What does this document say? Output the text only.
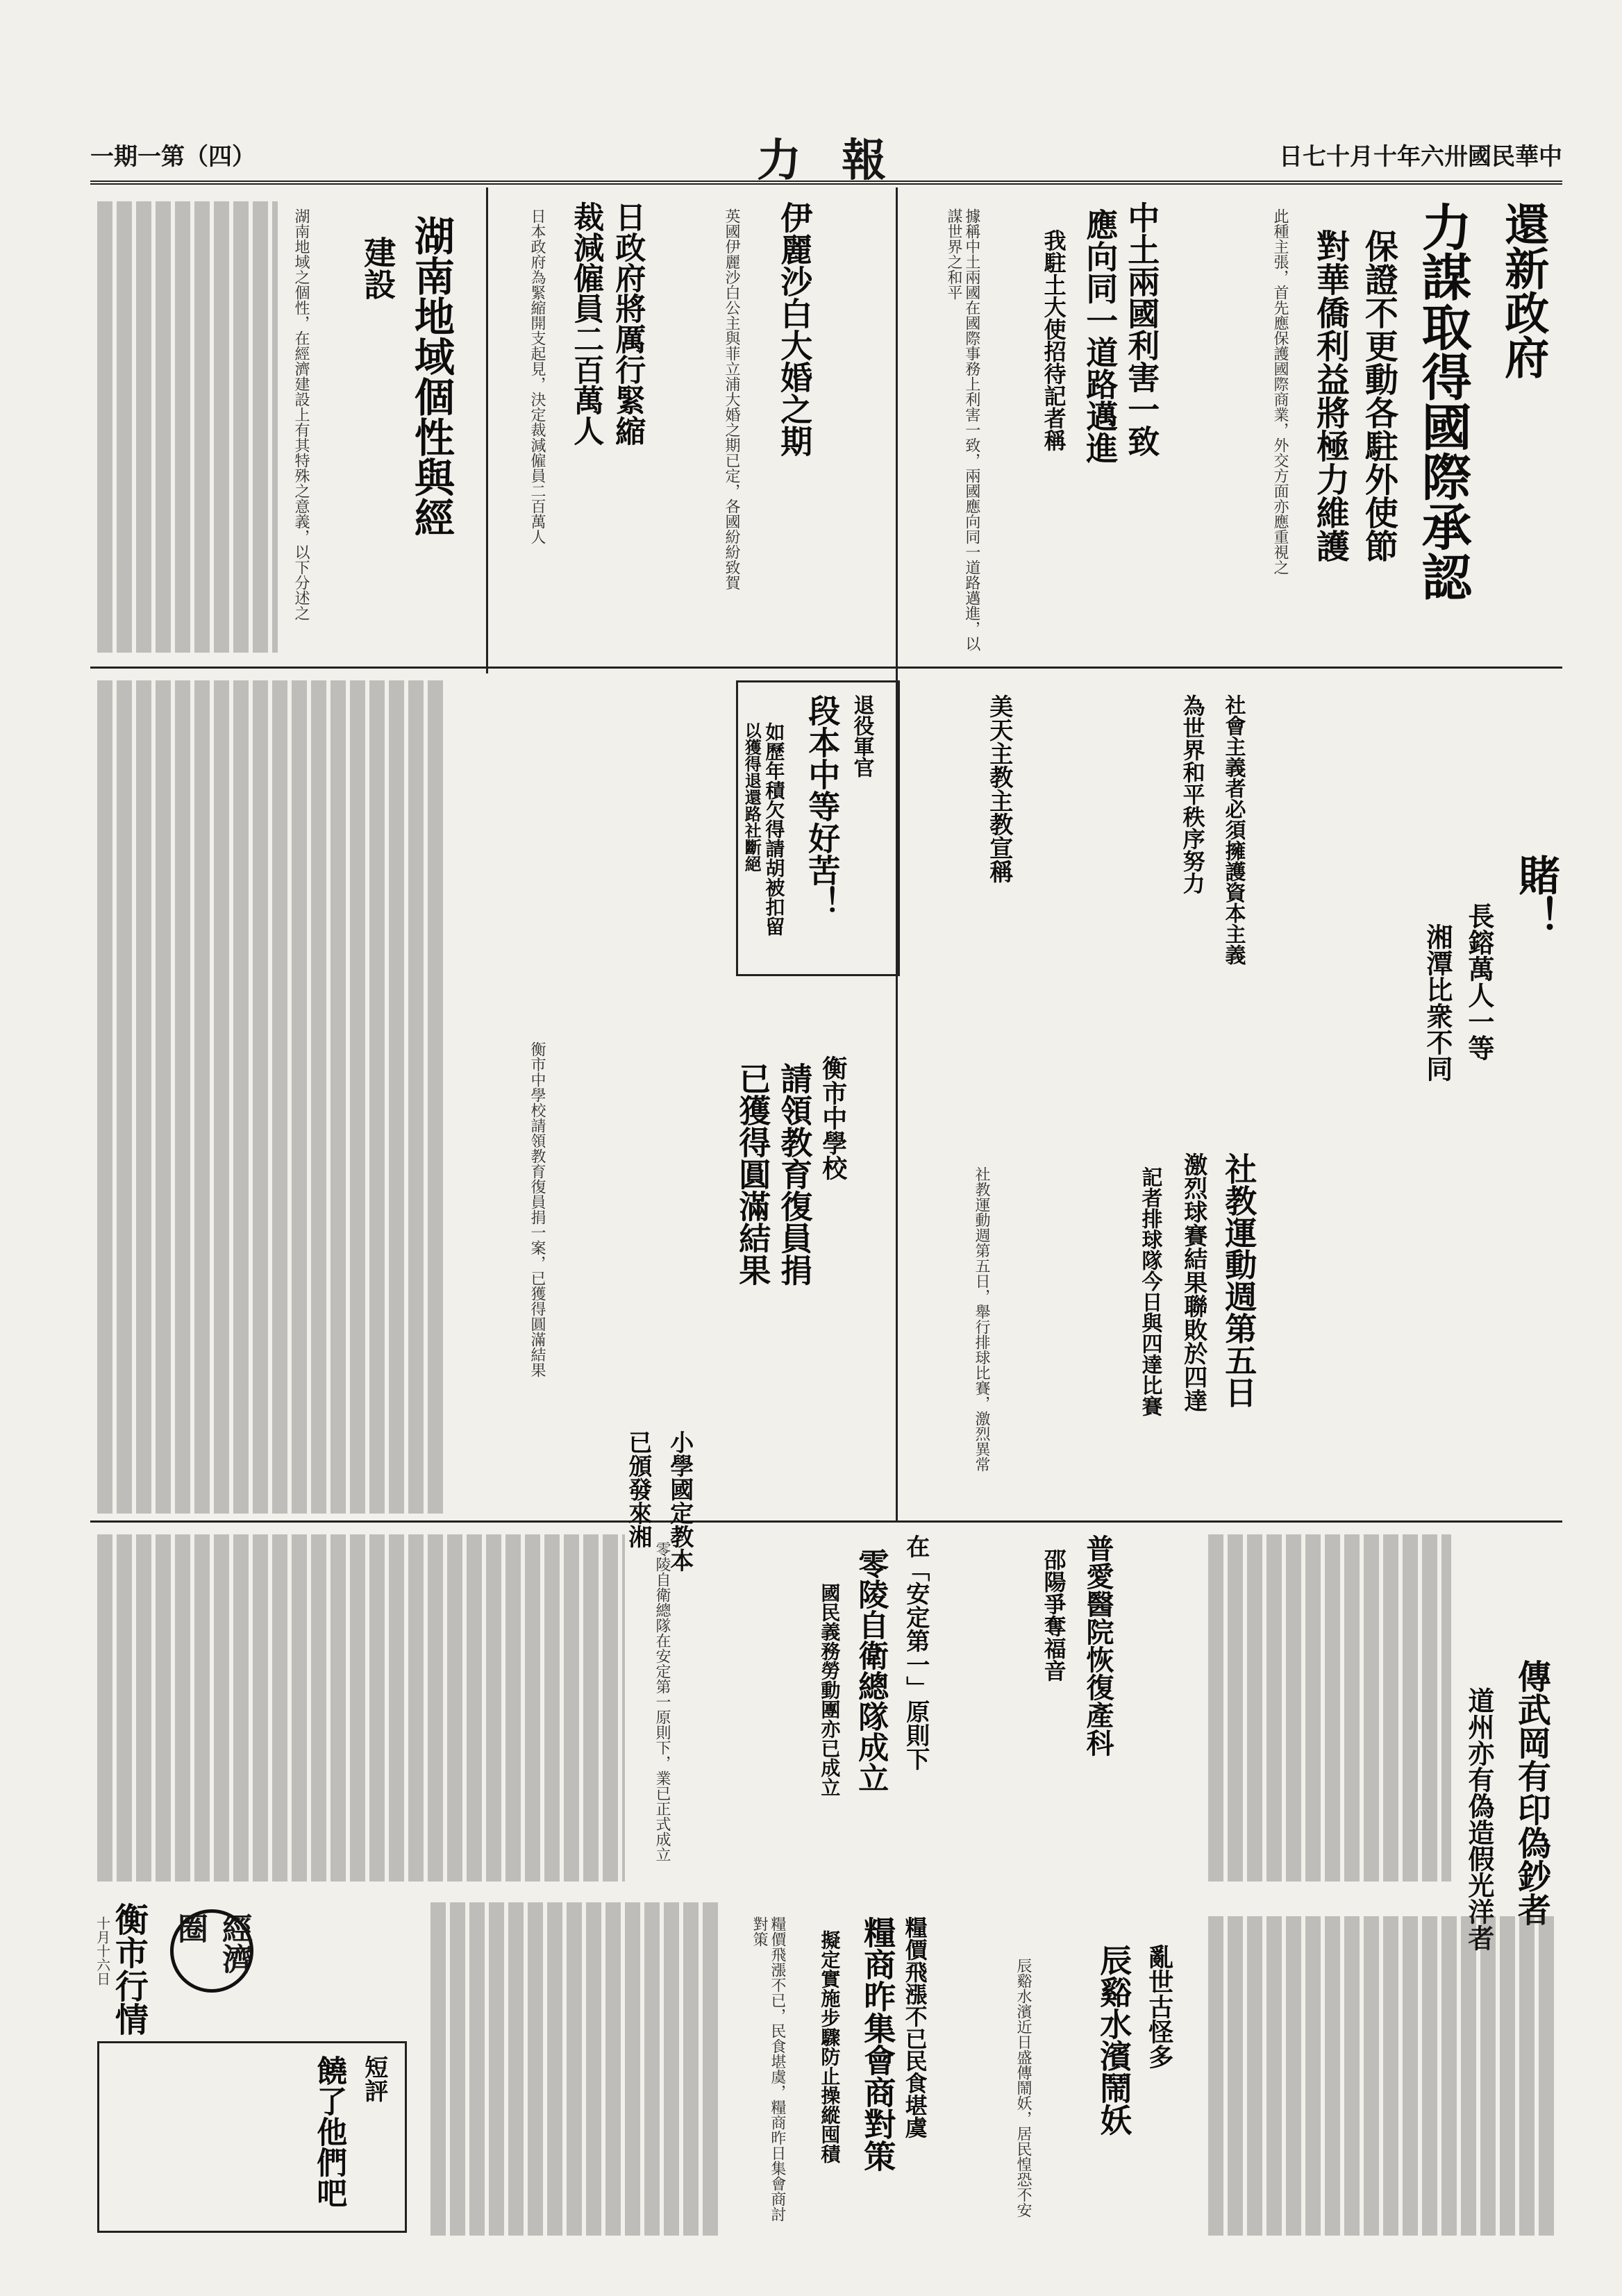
日七十月十年六卅國民華中
力 報
一期一第（四）
還新政府
力謀取得國際承認
保證不更動各駐外使節
對華僑利益將極力維護
此種主張，首先應保護國際商業，外交方面亦應重視之
中土兩國利害一致
應向同一道路邁進
我駐土大使招待記者稱
據稱中土兩國在國際事務上利害一致，兩國應向同一道路邁進，以謀世界之和平
伊麗沙白大婚之期
英國伊麗沙白公主與菲立浦大婚之期已定，各國紛紛致賀
日政府將厲行緊縮
裁減僱員二百萬人
日本政府為緊縮開支起見，決定裁減僱員二百萬人
湖南地域個性與經
建設
湖南地域之個性，在經濟建設上有其特殊之意義，以下分述之
段本中等好苦！ 退役軍官
如歷年積欠得請胡被扣留
以獲得退還路社斷絕
衡市中學校
請領教育復員捐
已獲得圓滿結果
衡市中學校請領教育復員捐一案，已獲得圓滿結果	社教運動週第五日
激烈球賽結果聯敗於四達
記者排球隊今日與四達比賽
社教運動週第五日，舉行排球比賽，激烈異常
賭！
長鎔萬人一等
湘潭比衆不同
美天主教主教宣稱	為世界和平秩序努力 社會主義者必須擁護資本主義
小學國定教本
已頒發來湘
普愛醫院恢復產科
邵陽爭奪福音
零陵自衛總隊成立 在「安定第一」原則下
國民義務勞動團亦已成立
零陵自衛總隊在安定第一原則下，業已正式成立	傳武岡有印偽鈔者
道州亦有偽造假光洋者
糧價飛漲不已民食堪虞
糧商昨集會商對策
擬定實施步驟防止操縱囤積
糧價飛漲不已，民食堪虞，糧商昨日集會商討對策
亂世古怪多
辰谿水濱鬧妖
辰谿水濱近日盛傳鬧妖，居民惶恐不安
經濟圈
衡市行情
十月十六日
短評
饒了他們吧
